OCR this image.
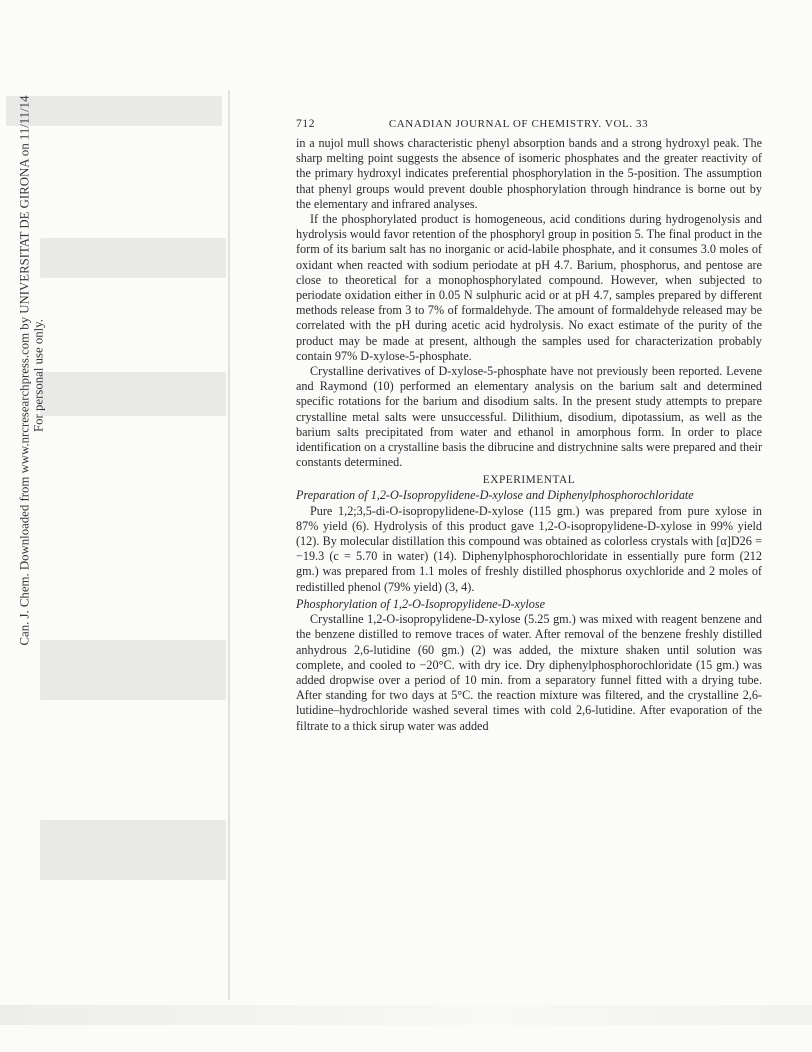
Can. J. Chem. Downloaded from www.nrcresearchpress.com by UNIVERSITAT DE GIRONA on 11/11/14 For personal use only.
712	CANADIAN JOURNAL OF CHEMISTRY. VOL. 33

in a nujol mull shows characteristic phenyl absorption bands and a strong hydroxyl peak. The sharp melting point suggests the absence of isomeric phosphates and the greater reactivity of the primary hydroxyl indicates preferential phosphorylation in the 5-position. The assumption that phenyl groups would prevent double phosphorylation through hindrance is borne out by the elementary and infrared analyses.

If the phosphorylated product is homogeneous, acid conditions during hydrogenolysis and hydrolysis would favor retention of the phosphoryl group in position 5. The final product in the form of its barium salt has no inorganic or acid-labile phosphate, and it consumes 3.0 moles of oxidant when reacted with sodium periodate at pH 4.7. Barium, phosphorus, and pentose are close to theoretical for a monophosphorylated compound. However, when subjected to periodate oxidation either in 0.05 N sulphuric acid or at pH 4.7, samples prepared by different methods release from 3 to 7% of formaldehyde. The amount of formaldehyde released may be correlated with the pH during acetic acid hydrolysis. No exact estimate of the purity of the product may be made at present, although the samples used for characterization probably contain 97% D-xylose-5-phosphate.

Crystalline derivatives of D-xylose-5-phosphate have not previously been reported. Levene and Raymond (10) performed an elementary analysis on the barium salt and determined specific rotations for the barium and disodium salts. In the present study attempts to prepare crystalline metal salts were unsuccessful. Dilithium, disodium, dipotassium, as well as the barium salts precipitated from water and ethanol in amorphous form. In order to place identification on a crystalline basis the dibrucine and distrychnine salts were prepared and their constants determined.

EXPERIMENTAL

Preparation of 1,2-O-Isopropylidene-D-xylose and Diphenylphosphorochloridate

Pure 1,2;3,5-di-O-isopropylidene-D-xylose (115 gm.) was prepared from pure xylose in 87% yield (6). Hydrolysis of this product gave 1,2-O-isopropylidene-D-xylose in 99% yield (12). By molecular distillation this compound was obtained as colorless crystals with [α]D26 = −19.3 (c = 5.70 in water) (14). Diphenylphosphorochloridate in essentially pure form (212 gm.) was prepared from 1.1 moles of freshly distilled phosphorus oxychloride and 2 moles of redistilled phenol (79% yield) (3, 4).

Phosphorylation of 1,2-O-Isopropylidene-D-xylose

Crystalline 1,2-O-isopropylidene-D-xylose (5.25 gm.) was mixed with reagent benzene and the benzene distilled to remove traces of water. After removal of the benzene freshly distilled anhydrous 2,6-lutidine (60 gm.) (2) was added, the mixture shaken until solution was complete, and cooled to −20°C. with dry ice. Dry diphenylphosphorochloridate (15 gm.) was added dropwise over a period of 10 min. from a separatory funnel fitted with a drying tube. After standing for two days at 5°C. the reaction mixture was filtered, and the crystalline 2,6-lutidine–hydrochloride washed several times with cold 2,6-lutidine. After evaporation of the filtrate to a thick sirup water was added
